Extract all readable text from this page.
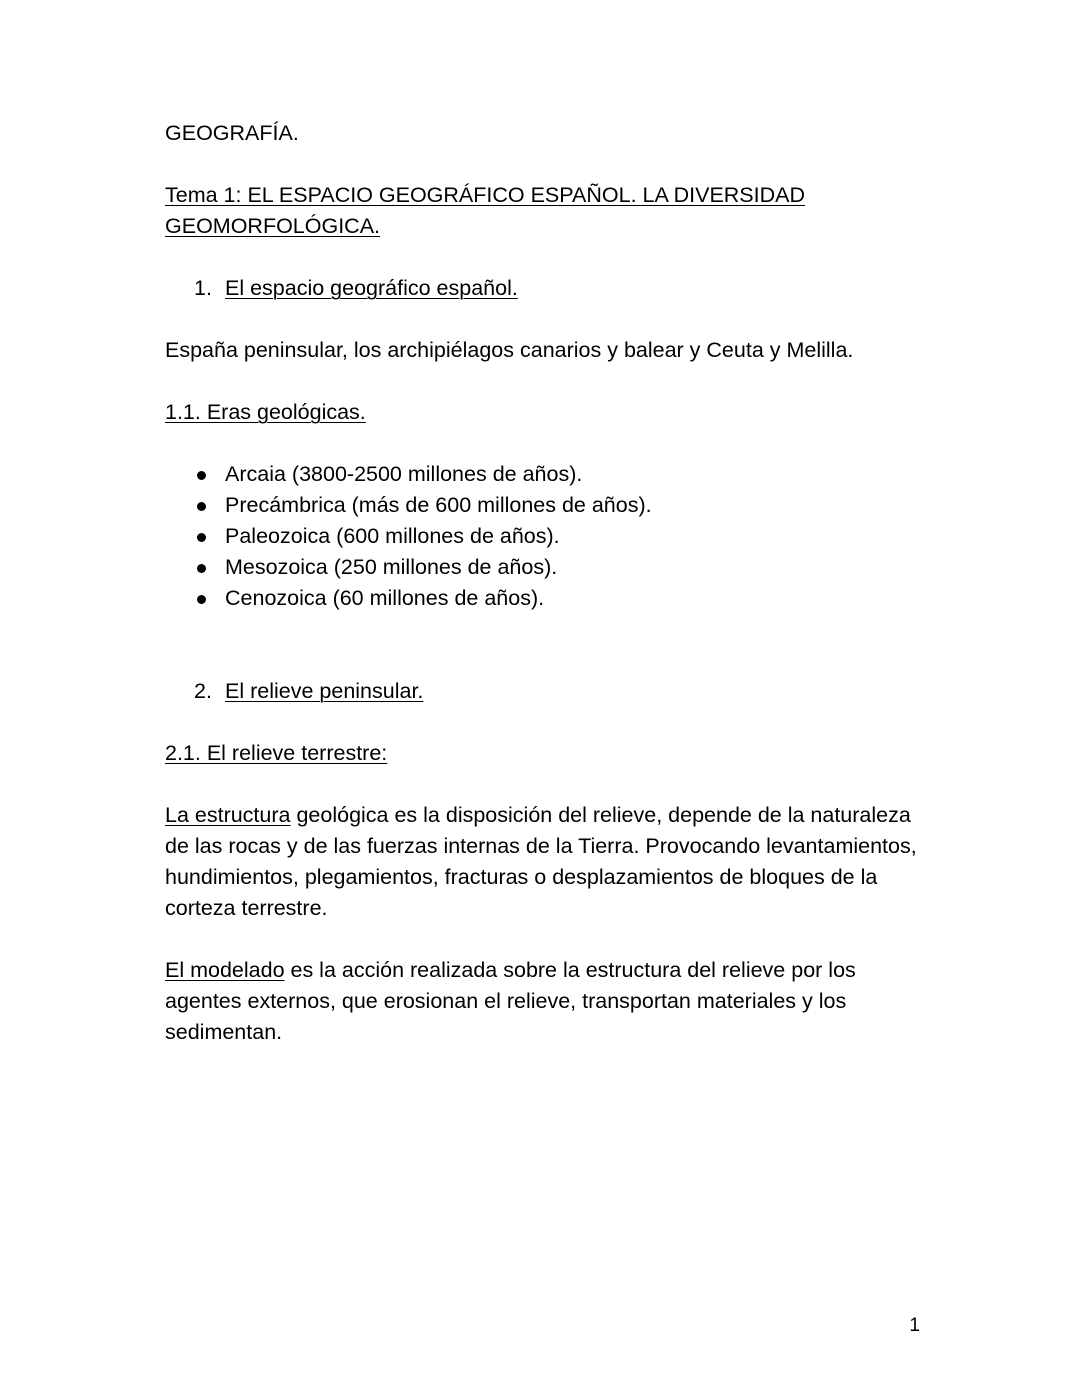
GEOGRAFÍA.

Tema 1: EL ESPACIO GEOGRÁFICO ESPAÑOL. LA DIVERSIDAD GEOMORFOLÓGICA.

1. El espacio geográfico español.

España peninsular, los archipiélagos canarios y balear y Ceuta y Melilla.

1.1. Eras geológicas.

Arcaia (3800-2500 millones de años).
Precámbrica (más de 600 millones de años).
Paleozoica (600 millones de años).
Mesozoica (250 millones de años).
Cenozoica (60 millones de años).

2. El relieve peninsular.

2.1. El relieve terrestre:

La estructura geológica es la disposición del relieve, depende de la naturaleza de las rocas y de las fuerzas internas de la Tierra. Provocando levantamientos, hundimientos, plegamientos, fracturas o desplazamientos de bloques de la corteza terrestre.

El modelado es la acción realizada sobre la estructura del relieve por los agentes externos, que erosionan el relieve, transportan materiales y los sedimentan.

1
